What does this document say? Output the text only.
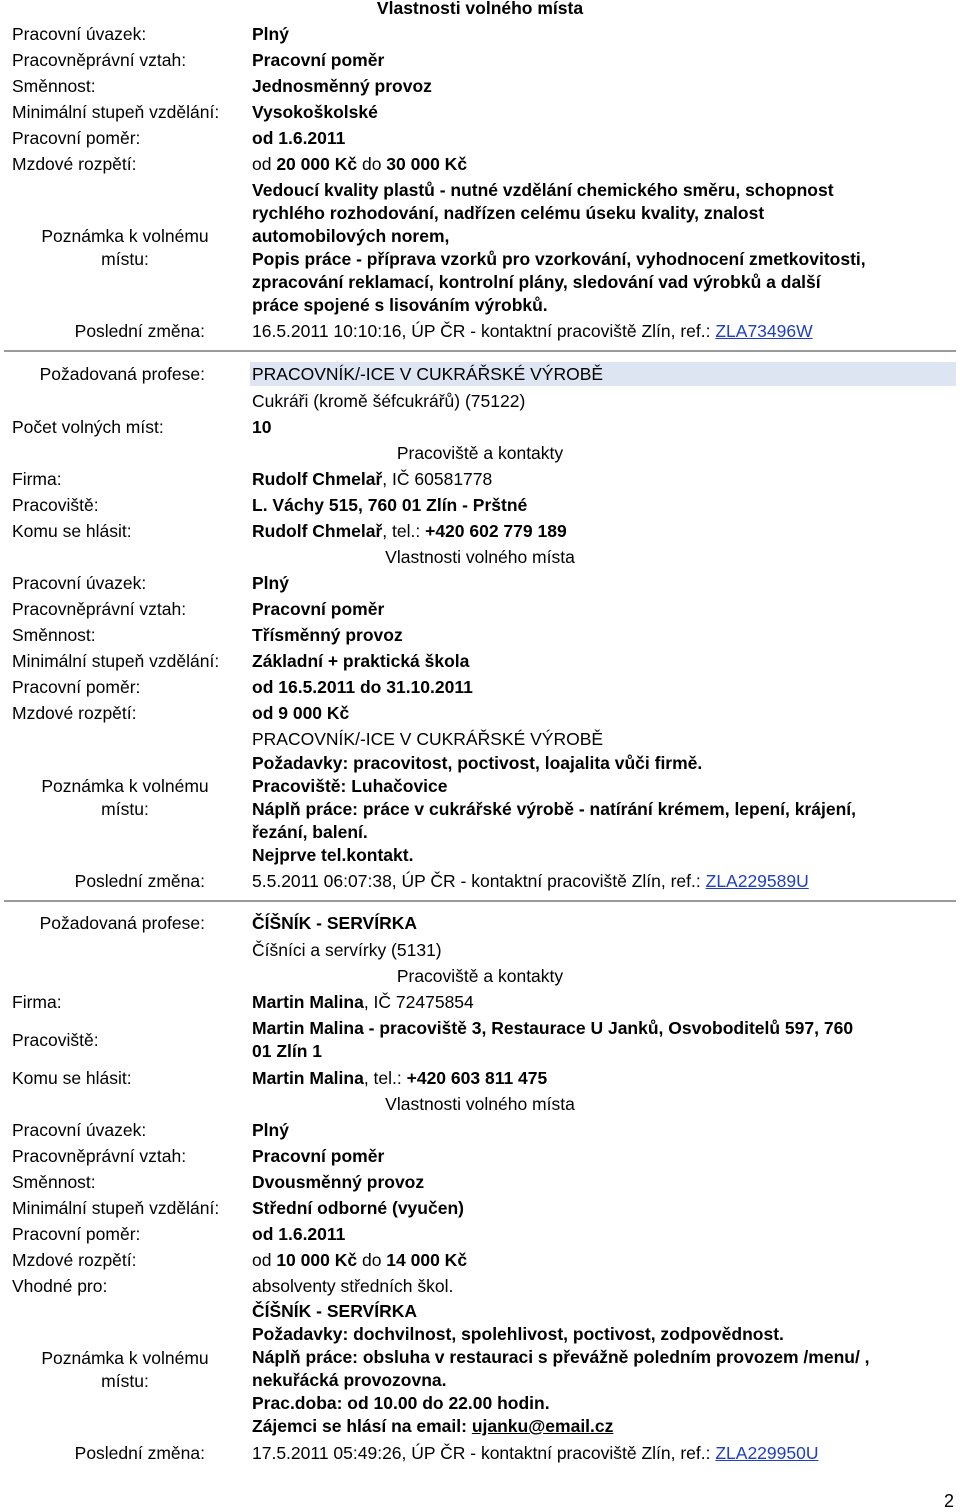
Vlastnosti volného místa
Pracovní úvazek:	Plný
Pracovněprávní vztah:	Pracovní poměr
Směnnost:	Jednosměnný provoz
Minimální stupeň vzdělání: Vysokoškolské
Pracovní poměr:	od 1.6.2011
Mzdové rozpětí:	od 20 000 Kč do 30 000 Kč
Poznámka k volnému
místu:
Vedoucí kvality plastů - nutné vzdělání chemického směru, schopnost
rychlého rozhodování, nadřízen celému úseku kvality, znalost
automobilových norem,
Popis práce - příprava vzorků pro vzorkování, vyhodnocení zmetkovitosti,
zpracování reklamací, kontrolní plány, sledování vad výrobků a další
práce spojené s lisováním výrobků.
Poslední změna:	16.5.2011 10:10:16, ÚP ČR - kontaktní pracoviště Zlín, ref.: ZLA73496W
Požadovaná profese:	PRACOVNÍK/-ICE V CUKRÁŘSKÉ VÝROBĚ
Cukráři (kromě šéfcukrářů) (75122)
Počet volných míst:	10
Pracoviště a kontakty
Firma:	Rudolf Chmelař, IČ 60581778
Pracoviště:	L. Váchy 515, 760 01 Zlín - Prštné
Komu se hlásit:	Rudolf Chmelař, tel.: +420 602 779 189
Vlastnosti volného místa
Pracovní úvazek:	Plný
Pracovněprávní vztah:	Pracovní poměr
Směnnost:	Třísměnný provoz
Minimální stupeň vzdělání: Základní + praktická škola
Pracovní poměr:	od 16.5.2011 do 31.10.2011
Mzdové rozpětí:	od 9 000 Kč
PRACOVNÍK/-ICE V CUKRÁŘSKÉ VÝROBĚ
Poznámka k volnému
místu:
Požadavky: pracovitost, poctivost, loajalita vůči firmě.
Pracoviště: Luhačovice
Náplň práce: práce v cukrářské výrobě - natírání krémem, lepení, krájení,
řezání, balení.
Nejprve tel.kontakt.
Poslední změna:	5.5.2011 06:07:38, ÚP ČR - kontaktní pracoviště Zlín, ref.: ZLA229589U
Požadovaná profese:	ČÍŠNÍK - SERVÍRKA
Číšníci a servírky (5131)
Pracoviště a kontakty
Firma:	Martin Malina, IČ 72475854
Pracoviště:
Martin Malina - pracoviště 3, Restaurace U Janků, Osvoboditelů 597, 760
01 Zlín 1
Komu se hlásit:	Martin Malina, tel.: +420 603 811 475
Vlastnosti volného místa
Pracovní úvazek:	Plný
Pracovněprávní vztah:	Pracovní poměr
Směnnost:	Dvousměnný provoz
Minimální stupeň vzdělání: Střední odborné (vyučen)
Pracovní poměr:	od 1.6.2011
Mzdové rozpětí:	od 10 000 Kč do 14 000 Kč
Vhodné pro:	absolventy středních škol.
Poznámka k volnému
místu:
ČÍŠNÍK - SERVÍRKA
Požadavky: dochvilnost, spolehlivost, poctivost, zodpovědnost.
Náplň práce: obsluha v restauraci s převážně poledním provozem /menu/ ,
nekuřácká provozovna.
Prac.doba: od 10.00 do 22.00 hodin.
Zájemci se hlásí na email: ujanku@email.cz
Poslední změna:	17.5.2011 05:49:26, ÚP ČR - kontaktní pracoviště Zlín, ref.: ZLA229950U
2
